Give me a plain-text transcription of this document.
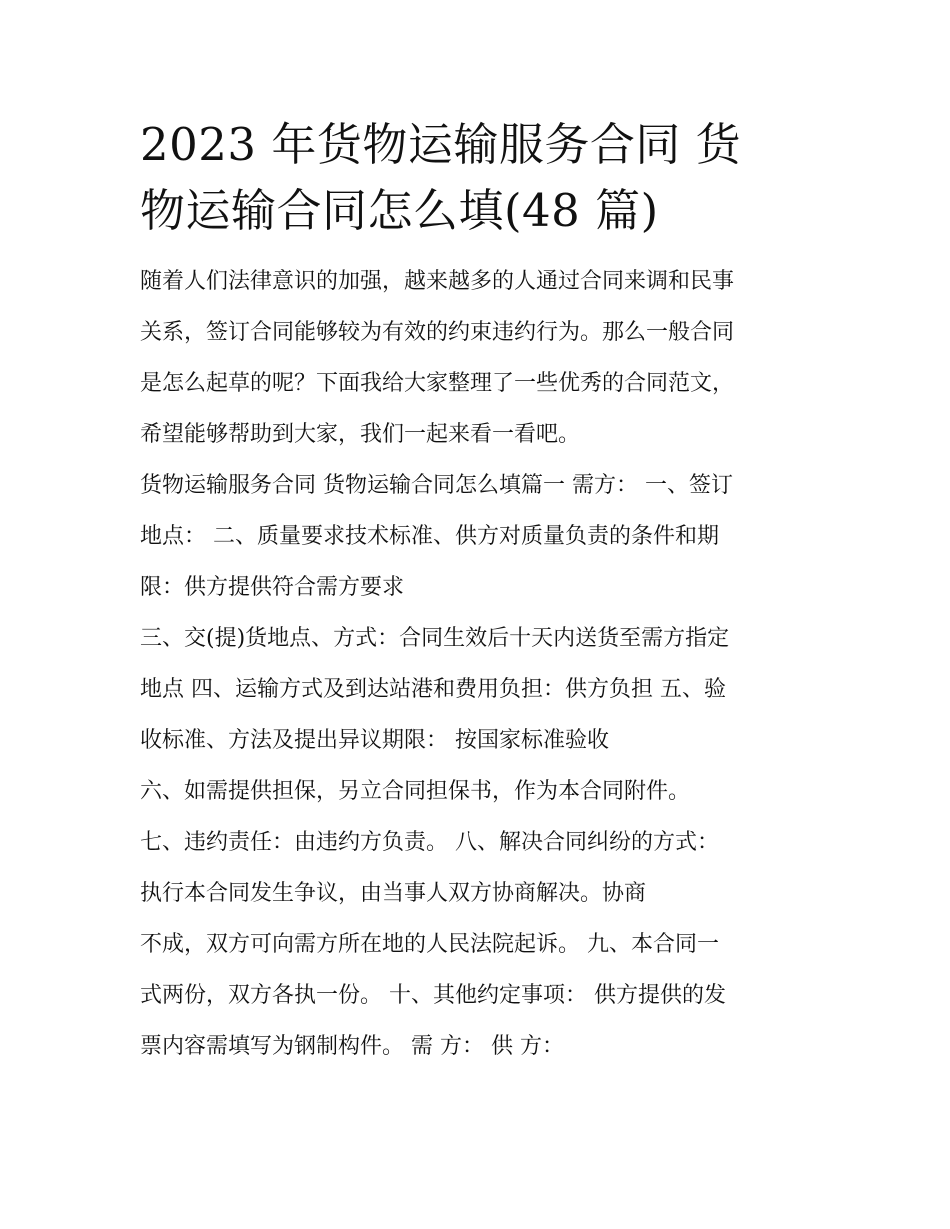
2023 年货物运输服务合同 货
物运输合同怎么填(48 篇)

随着人们法律意识的加强，越来越多的人通过合同来调和民事
关系，签订合同能够较为有效的约束违约行为。那么一般合同
是怎么起草的呢？下面我给大家整理了一些优秀的合同范文，
希望能够帮助到大家，我们一起来看一看吧。

货物运输服务合同 货物运输合同怎么填篇一 需方： 一、签订
地点： 二、质量要求技术标准、供方对质量负责的条件和期
限：供方提供符合需方要求

三、交(提)货地点、方式：合同生效后十天内送货至需方指定
地点 四、运输方式及到达站港和费用负担：供方负担 五、验
收标准、方法及提出异议期限： 按国家标准验收

六、如需提供担保，另立合同担保书，作为本合同附件。

七、违约责任：由违约方负责。 八、解决合同纠纷的方式：
执行本合同发生争议，由当事人双方协商解决。协商

不成，双方可向需方所在地的人民法院起诉。 九、本合同一
式两份，双方各执一份。 十、其他约定事项： 供方提供的发
票内容需填写为钢制构件。 需 方： 供 方：
